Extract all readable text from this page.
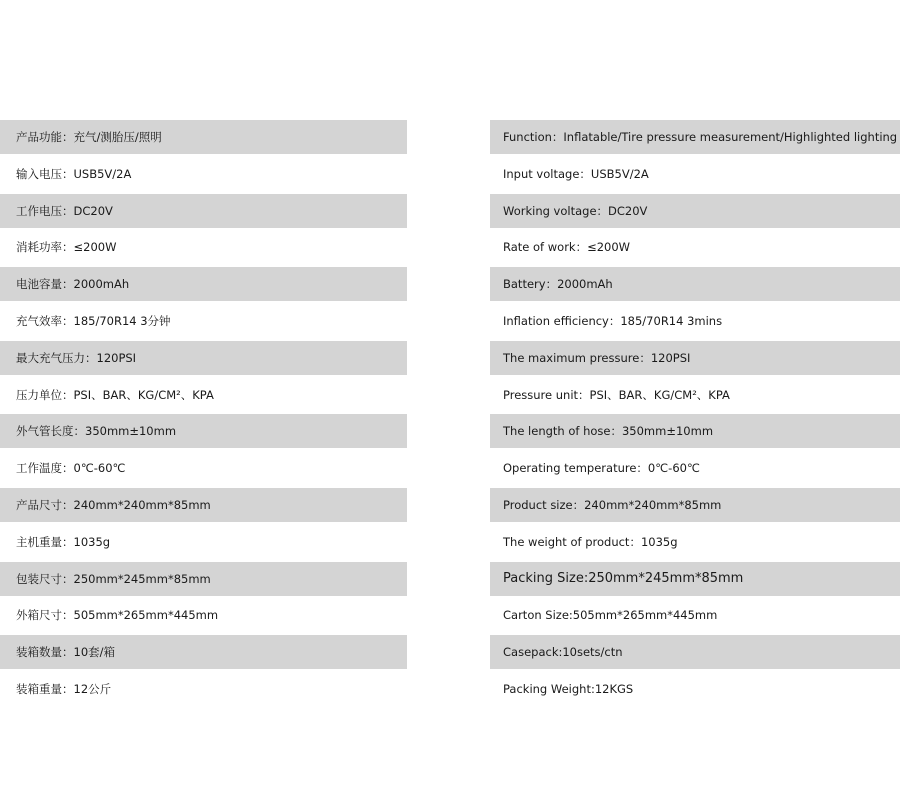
产品功能：充气/测胎压/照明
输入电压：USB5V/2A
工作电压：DC20V
消耗功率：≤200W
电池容量：2000mAh
充气效率：185/70R14 3分钟
最大充气压力：120PSI
压力单位：PSI、BAR、KG/CM²、KPA
外气管长度：350mm±10mm
工作温度：0℃-60℃
产品尺寸：240mm*240mm*85mm
主机重量：1035g
包装尺寸：250mm*245mm*85mm
外箱尺寸：505mm*265mm*445mm
装箱数量：10套/箱
装箱重量：12公斤
Function：Inflatable/Tire pressure measurement/Highlighted lighting
Input voltage：USB5V/2A
Working voltage：DC20V
Rate of work：≤200W
Battery：2000mAh
Inflation efficiency：185/70R14 3mins
The maximum pressure：120PSI
Pressure unit：PSI、BAR、KG/CM²、KPA
The length of hose：350mm±10mm
Operating temperature：0℃-60℃
Product size：240mm*240mm*85mm
The weight of product：1035g
Packing Size:250mm*245mm*85mm
Carton Size:505mm*265mm*445mm
Casepack:10sets/ctn
Packing Weight:12KGS
